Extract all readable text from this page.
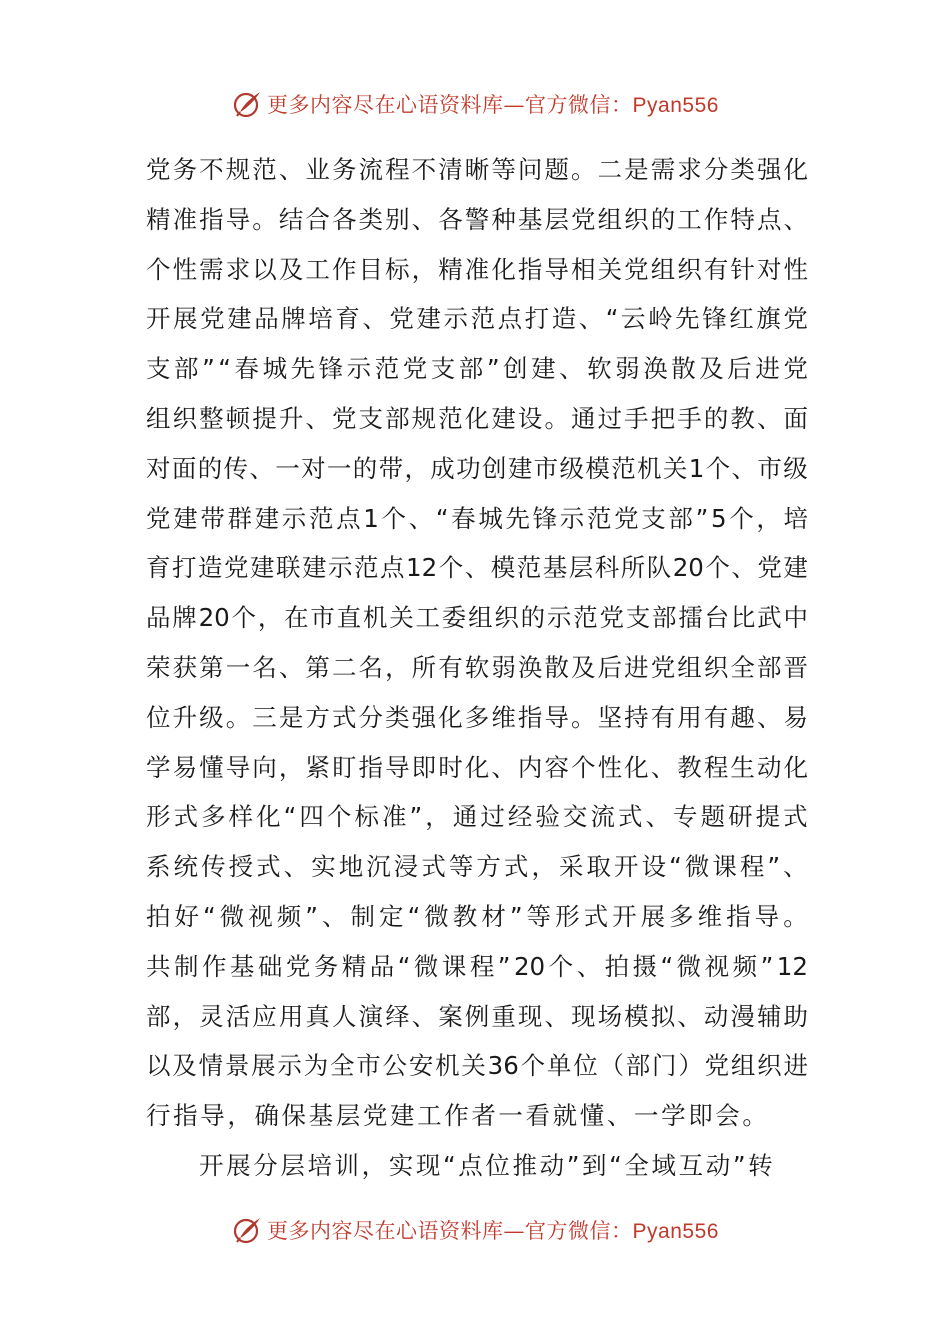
更多内容尽在心语资料库—官方微信：Pyan556
党 务 不 规 范 、 业 务 流 程 不 清 晰 等 问 题 。 二 是 需 求 分 类 强 化
精 准 指 导 。 结 合 各 类 别 、 各 警 种 基 层 党 组 织 的 工 作 特 点 、
个 性 需 求 以 及 工 作 目 标 ， 精 准 化 指 导 相 关 党 组 织 有 针 对 性
开 展 党 建 品 牌 培 育 、 党 建 示 范 点 打 造 、 “ 云 岭 先 锋 红 旗 党
支 部 ” “ 春 城 先 锋 示 范 党 支 部 ” 创 建 、 软 弱 涣 散 及 后 进 党
组 织 整 顿 提 升 、 党 支 部 规 范 化 建 设 。 通 过 手 把 手 的 教 、 面
对 面 的 传 、 一 对 一 的 带 ， 成 功 创 建 市 级 模 范 机 关 1 个 、 市 级
党 建 带 群 建 示 范 点 1 个 、 “ 春 城 先 锋 示 范 党 支 部 ” 5 个 ， 培
育 打 造 党 建 联 建 示 范 点 12 个 、 模 范 基 层 科 所 队 20 个 、 党 建
品 牌 20 个 ， 在 市 直 机 关 工 委 组 织 的 示 范 党 支 部 擂 台 比 武 中
荣 获 第 一 名 、 第 二 名 ， 所 有 软 弱 涣 散 及 后 进 党 组 织 全 部 晋
位 升 级 。 三 是 方 式 分 类 强 化 多 维 指 导 。 坚 持 有 用 有 趣 、 易
学 易 懂 导 向 ， 紧 盯 指 导 即 时 化 、 内 容 个 性 化 、 教 程 生 动 化
形 式 多 样 化 “ 四 个 标 准 ” ， 通 过 经 验 交 流 式 、 专 题 研 提 式
系 统 传 授 式 、 实 地 沉 浸 式 等 方 式 ， 采 取 开 设 “ 微 课 程 ” 、
拍 好 “ 微 视 频 ” 、 制 定 “ 微 教 材 ” 等 形 式 开 展 多 维 指 导 。
共 制 作 基 础 党 务 精 品 “ 微 课 程 ” 20 个 、 拍 摄 “ 微 视 频 ” 12
部 ， 灵 活 应 用 真 人 演 绎 、 案 例 重 现 、 现 场 模 拟 、 动 漫 辅 助
以 及 情 景 展 示 为 全 市 公 安 机 关 36 个 单 位 （ 部 门 ） 党 组 织 进
行 指 导 ， 确 保 基 层 党 建 工 作 者 一 看 就 懂 、 一 学 即 会 。
开 展 分 层 培 训 ， 实 现 “ 点 位 推 动 ” 到 “ 全 域 互 动 ” 转
更多内容尽在心语资料库—官方微信：Pyan556
